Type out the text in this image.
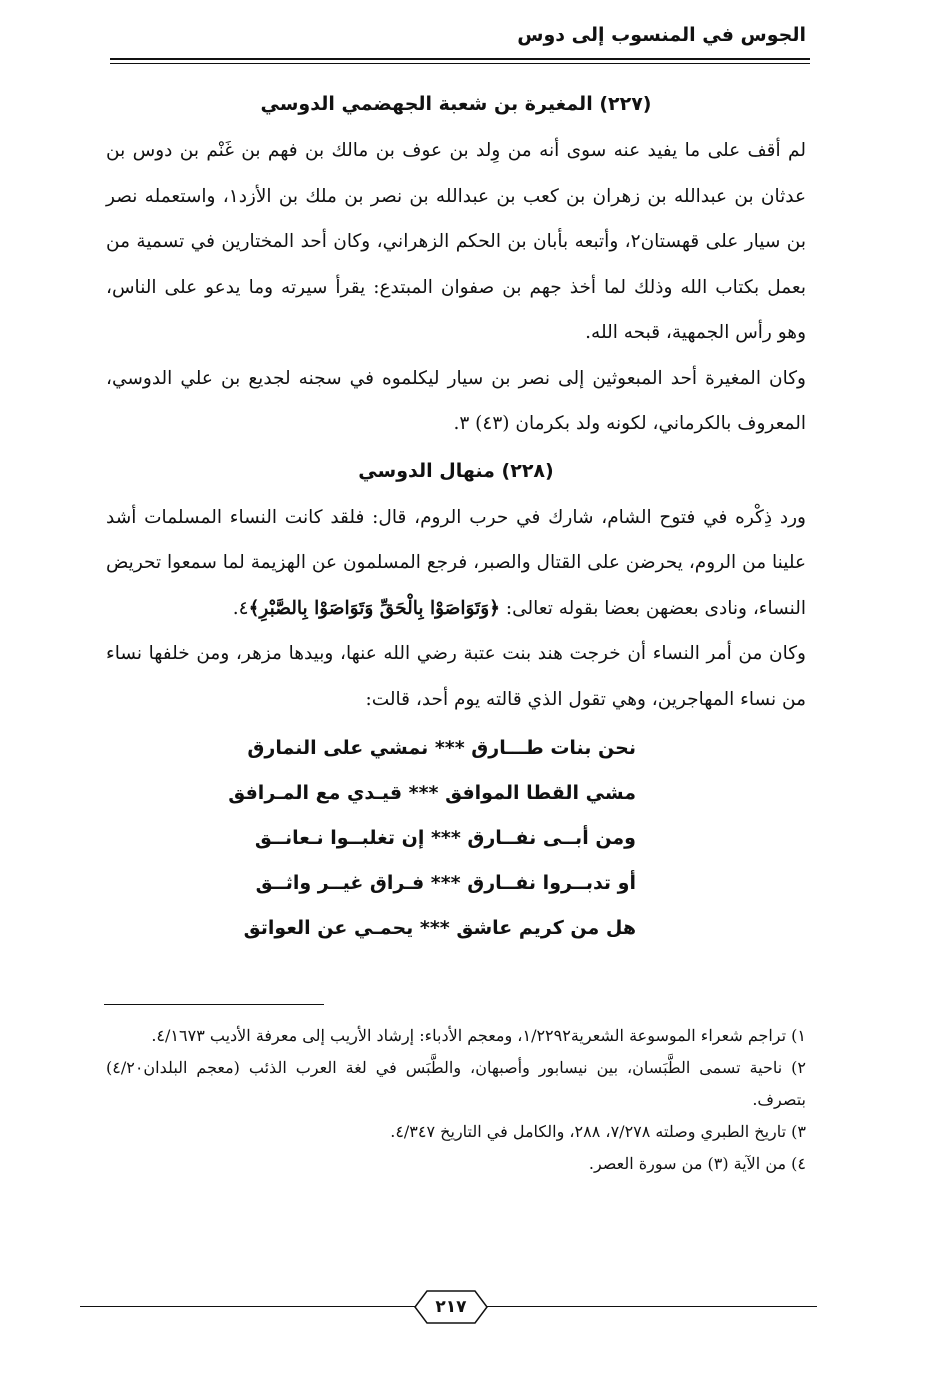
الجوس في المنسوب إلى دوس
(٢٢٧) المغيرة بن شعبة الجهضمي الدوسي

لم أقف على ما يفيد عنه سوى أنه من وِلد بن عوف بن مالك بن فهم بن غَنْم بن دوس بن عدثان بن عبدالله بن زهران بن كعب بن عبدالله بن نصر بن ملك بن الأزد١، واستعمله نصر بن سيار على قهستان٢، وأتبعه بأبان بن الحكم الزهراني، وكان أحد المختارين في تسمية من بعمل بكتاب الله وذلك لما أخذ جهم بن صفوان المبتدع: يقرأ سيرته وما يدعو على الناس، وهو رأس الجمهية، قبحه الله.

وكان المغيرة أحد المبعوثين إلى نصر بن سيار ليكلموه في سجنه لجديع بن علي الدوسي، المعروف بالكرماني، لكونه ولد بكرمان (٤٣) ٣.

(٢٢٨) منهال الدوسي

ورد ذِكْره في فتوح الشام، شارك في حرب الروم، قال: فلقد كانت النساء المسلمات أشد علينا من الروم، يحرضن على القتال والصبر، فرجع المسلمون عن الهزيمة لما سمعوا تحريض النساء، ونادى بعضهن بعضا بقوله تعالى: ﴿وَتَوَاصَوْا بِالْحَقِّ وَتَوَاصَوْا بِالصَّبْرِ﴾٤.

وكان من أمر النساء أن خرجت هند بنت عتبة رضي الله عنها، وبيدها مزهر، ومن خلفها نساء من نساء المهاجرين، وهي تقول الذي قالته يوم أحد، قالت:

نحن بنات طـــارق *** نمشي على النمارق
مشي القطا الموافق *** قيـدي مع المـرافق
ومن أبــى نفــارق *** إن تغلبــوا نـعانــق
أو تدبــروا نفــارق *** فـراق غيــر واثــق
هل من كريم عاشق *** يحمـي عن العواتق
١) تراجم شعراء الموسوعة الشعرية١/٢٢٩٢، ومعجم الأدباء: إرشاد الأريب إلى معرفة الأديب ٤/١٦٧٣.
٢) ناحية تسمى الطَّبَسان، بين نيسابور وأصبهان، والطَّبَس في لغة العرب الذئب (معجم البلدان٤/٢٠) بتصرف.
٣) تاريخ الطبري وصلته ٧/٢٧٨، ٢٨٨، والكامل في التاريخ ٤/٣٤٧.
٤) من الآية (٣) من سورة العصر.
٢١٧
